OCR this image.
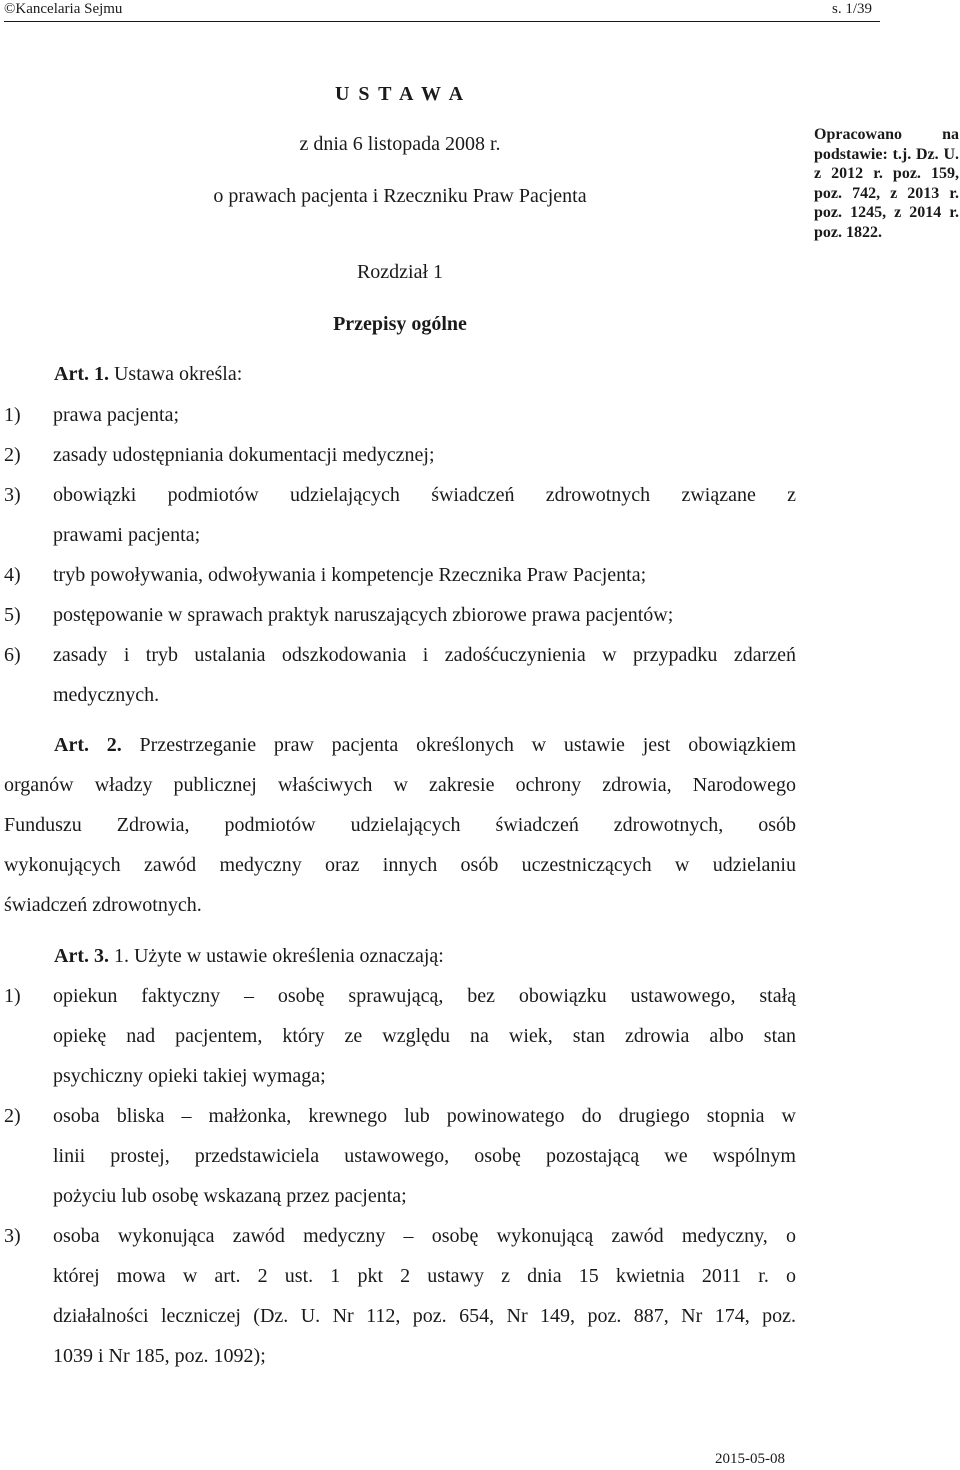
©Kancelaria Sejmu	s. 1/39
U S T A W A
z dnia 6 listopada 2008 r.
o prawach pacjenta i Rzeczniku Praw Pacjenta
Opracowano na podstawie: t.j. Dz. U. z 2012 r. poz. 159, poz. 742, z 2013 r. poz. 1245, z 2014 r. poz. 1822.
Rozdział 1
Przepisy ogólne
Art. 1. Ustawa określa:
1) prawa pacjenta;
2) zasady udostępniania dokumentacji medycznej;
3) obowiązki podmiotów udzielających świadczeń zdrowotnych związane z
prawami pacjenta;
4) tryb powoływania, odwoływania i kompetencje Rzecznika Praw Pacjenta;
5) postępowanie w sprawach praktyk naruszających zbiorowe prawa pacjentów;
6) zasady i tryb ustalania odszkodowania i zadośćuczynienia w przypadku zdarzeń
medycznych.
Art. 2. Przestrzeganie praw pacjenta określonych w ustawie jest obowiązkiem
organów władzy publicznej właściwych w zakresie ochrony zdrowia, Narodowego
Funduszu Zdrowia, podmiotów udzielających świadczeń zdrowotnych, osób
wykonujących zawód medyczny oraz innych osób uczestniczących w udzielaniu
świadczeń zdrowotnych.
Art. 3. 1. Użyte w ustawie określenia oznaczają:
1) opiekun faktyczny – osobę sprawującą, bez obowiązku ustawowego, stałą
opiekę nad pacjentem, który ze względu na wiek, stan zdrowia albo stan
psychiczny opieki takiej wymaga;
2) osoba bliska – małżonka, krewnego lub powinowatego do drugiego stopnia w
linii prostej, przedstawiciela ustawowego, osobę pozostającą we wspólnym
pożyciu lub osobę wskazaną przez pacjenta;
3) osoba wykonująca zawód medyczny – osobę wykonującą zawód medyczny, o
której mowa w art. 2 ust. 1 pkt 2 ustawy z dnia 15 kwietnia 2011 r. o
działalności leczniczej (Dz. U. Nr 112, poz. 654, Nr 149, poz. 887, Nr 174, poz.
1039 i Nr 185, poz. 1092);
2015-05-08
